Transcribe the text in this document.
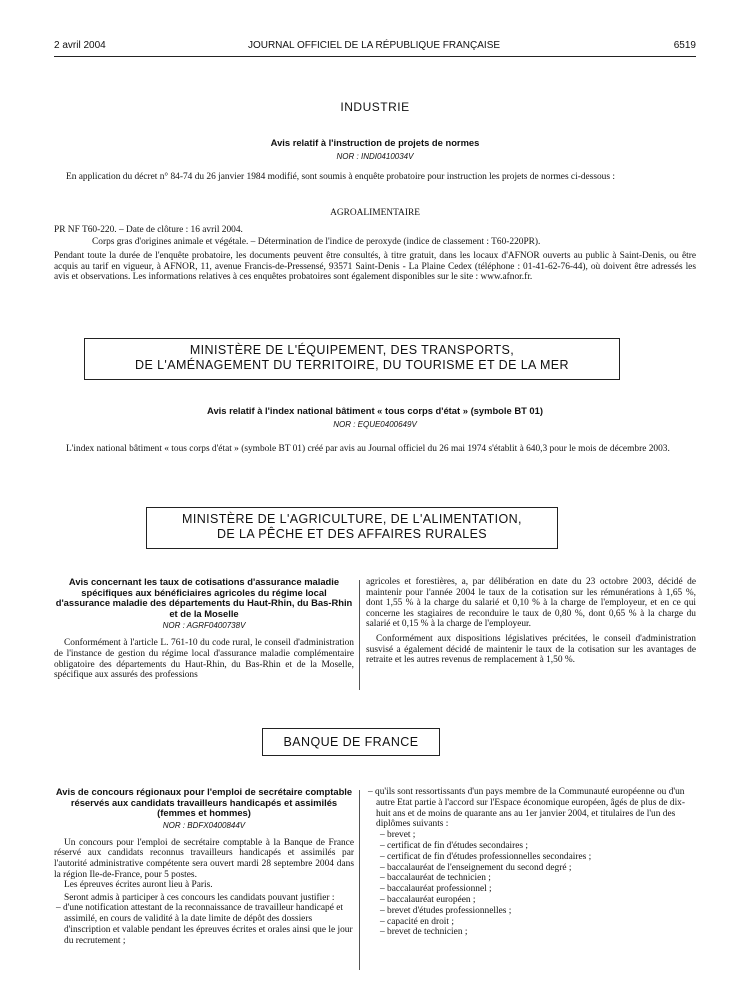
2 avril 2004	JOURNAL OFFICIEL DE LA RÉPUBLIQUE FRANÇAISE	6519
INDUSTRIE
Avis relatif à l'instruction de projets de normes
NOR : INDI0410034V

En application du décret n° 84-74 du 26 janvier 1984 modifié, sont soumis à enquête probatoire pour instruction les projets de normes ci-dessous :

AGROALIMENTAIRE

PR NF T60-220. – Date de clôture : 16 avril 2004.

Corps gras d'origines animale et végétale. – Détermination de l'indice de peroxyde (indice de classement : T60-220PR).

Pendant toute la durée de l'enquête probatoire, les documents peuvent être consultés, à titre gratuit, dans les locaux d'AFNOR ouverts au public à Saint-Denis, ou être acquis au tarif en vigueur, à AFNOR, 11, avenue Francis-de-Pressensé, 93571 Saint-Denis - La Plaine Cedex (téléphone : 01-41-62-76-44), où doivent être adressés les avis et observations. Les informations relatives à ces enquêtes probatoires sont également disponibles sur le site : www.afnor.fr.

MINISTÈRE DE L'ÉQUIPEMENT, DES TRANSPORTS,
DE L'AMÉNAGEMENT DU TERRITOIRE, DU TOURISME ET DE LA MER
Avis relatif à l'index national bâtiment « tous corps d'état » (symbole BT 01)
NOR : EQUE0400649V

L'index national bâtiment « tous corps d'état » (symbole BT 01) créé par avis au Journal officiel du 26 mai 1974 s'établit à 640,3 pour le mois de décembre 2003.

MINISTÈRE DE L'AGRICULTURE, DE L'ALIMENTATION,
DE LA PÊCHE ET DES AFFAIRES RURALES
Avis concernant les taux de cotisations d'assurance maladie spécifiques aux bénéficiaires agricoles du régime local d'assurance maladie des départements du Haut-Rhin, du Bas-Rhin et de la Moselle
NOR : AGRF0400738V

Conformément à l'article L. 761-10 du code rural, le conseil d'administration de l'instance de gestion du régime local d'assurance maladie complémentaire obligatoire des départements du Haut-Rhin, du Bas-Rhin et de la Moselle, spécifique aux assurés des professions

agricoles et forestières, a, par délibération en date du 23 octobre 2003, décidé de maintenir pour l'année 2004 le taux de la cotisation sur les rémunérations à 1,65 %, dont 1,55 % à la charge du salarié et 0,10 % à la charge de l'employeur, et en ce qui concerne les stagiaires de reconduire le taux de 0,80 %, dont 0,65 % à la charge du salarié et 0,15 % à la charge de l'employeur.

Conformément aux dispositions législatives précitées, le conseil d'administration susvisé a également décidé de maintenir le taux de la cotisation sur les avantages de retraite et les autres revenus de remplacement à 1,50 %.

BANQUE DE FRANCE
Avis de concours régionaux pour l'emploi de secrétaire comptable réservés aux candidats travailleurs handicapés et assimilés (femmes et hommes)
NOR : BDFX0400844V

Un concours pour l'emploi de secrétaire comptable à la Banque de France réservé aux candidats reconnus travailleurs handicapés et assimilés par l'autorité administrative compétente sera ouvert mardi 28 septembre 2004 dans la région Ile-de-France, pour 5 postes.

Les épreuves écrites auront lieu à Paris.

Seront admis à participer à ces concours les candidats pouvant justifier :

– d'une notification attestant de la reconnaissance de travailleur handicapé et assimilé, en cours de validité à la date limite de dépôt des dossiers d'inscription et valable pendant les épreuves écrites et orales ainsi que le jour du recrutement ;
– qu'ils sont ressortissants d'un pays membre de la Communauté européenne ou d'un autre Etat partie à l'accord sur l'Espace économique européen, âgés de plus de dix-huit ans et de moins de quarante ans au 1er janvier 2004, et titulaires de l'un des diplômes suivants :
– brevet ;
– certificat de fin d'études secondaires ;
– certificat de fin d'études professionnelles secondaires ;
– baccalauréat de l'enseignement du second degré ;
– baccalauréat de technicien ;
– baccalauréat professionnel ;
– baccalauréat européen ;
– brevet d'études professionnelles ;
– capacité en droit ;
– brevet de technicien ;
